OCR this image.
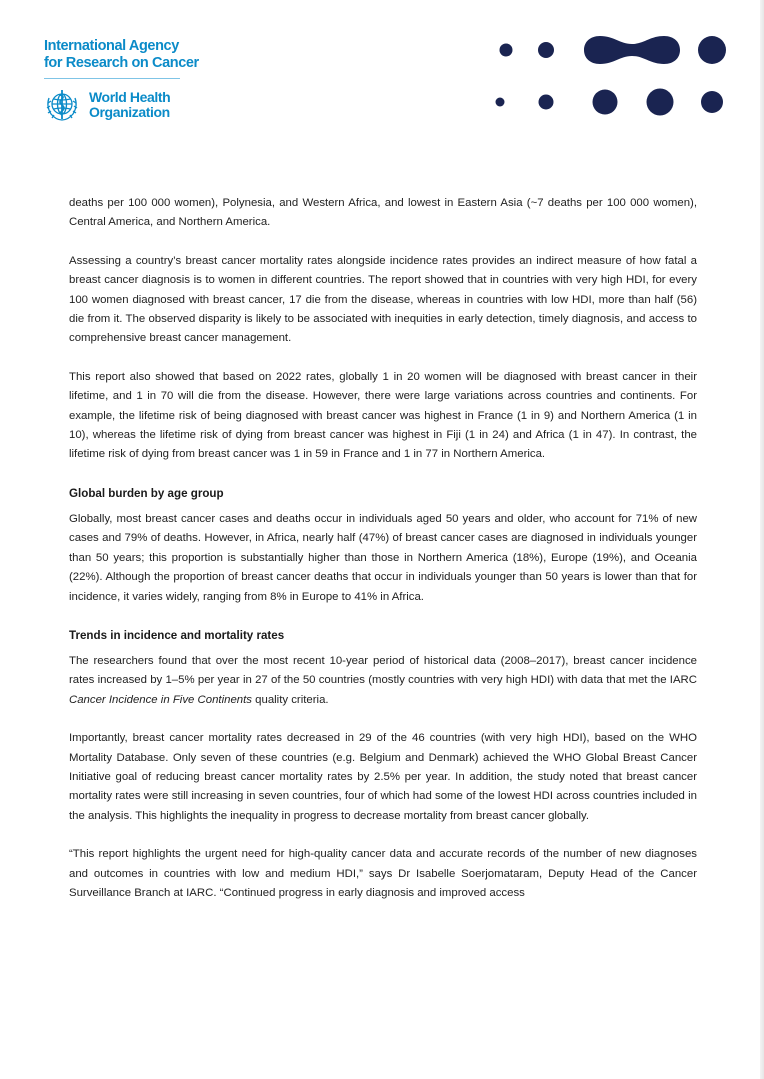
International Agency
for Research on Cancer
World Health
Organization

deaths per 100 000 women), Polynesia, and Western Africa, and lowest in Eastern Asia (~7 deaths per 100 000 women), Central America, and Northern America.

Assessing a country’s breast cancer mortality rates alongside incidence rates provides an indirect measure of how fatal a breast cancer diagnosis is to women in different countries. The report showed that in countries with very high HDI, for every 100 women diagnosed with breast cancer, 17 die from the disease, whereas in countries with low HDI, more than half (56) die from it. The observed disparity is likely to be associated with inequities in early detection, timely diagnosis, and access to comprehensive breast cancer management.

This report also showed that based on 2022 rates, globally 1 in 20 women will be diagnosed with breast cancer in their lifetime, and 1 in 70 will die from the disease. However, there were large variations across countries and continents. For example, the lifetime risk of being diagnosed with breast cancer was highest in France (1 in 9) and Northern America (1 in 10), whereas the lifetime risk of dying from breast cancer was highest in Fiji (1 in 24) and Africa (1 in 47). In contrast, the lifetime risk of dying from breast cancer was 1 in 59 in France and 1 in 77 in Northern America.

Global burden by age group

Globally, most breast cancer cases and deaths occur in individuals aged 50 years and older, who account for 71% of new cases and 79% of deaths. However, in Africa, nearly half (47%) of breast cancer cases are diagnosed in individuals younger than 50 years; this proportion is substantially higher than those in Northern America (18%), Europe (19%), and Oceania (22%). Although the proportion of breast cancer deaths that occur in individuals younger than 50 years is lower than that for incidence, it varies widely, ranging from 8% in Europe to 41% in Africa.

Trends in incidence and mortality rates

The researchers found that over the most recent 10-year period of historical data (2008–2017), breast cancer incidence rates increased by 1–5% per year in 27 of the 50 countries (mostly countries with very high HDI) with data that met the IARC Cancer Incidence in Five Continents quality criteria.

Importantly, breast cancer mortality rates decreased in 29 of the 46 countries (with very high HDI), based on the WHO Mortality Database. Only seven of these countries (e.g. Belgium and Denmark) achieved the WHO Global Breast Cancer Initiative goal of reducing breast cancer mortality rates by 2.5% per year. In addition, the study noted that breast cancer mortality rates were still increasing in seven countries, four of which had some of the lowest HDI across countries included in the analysis. This highlights the inequality in progress to decrease mortality from breast cancer globally.

“This report highlights the urgent need for high-quality cancer data and accurate records of the number of new diagnoses and outcomes in countries with low and medium HDI,” says Dr Isabelle Soerjomataram, Deputy Head of the Cancer Surveillance Branch at IARC. “Continued progress in early diagnosis and improved access
